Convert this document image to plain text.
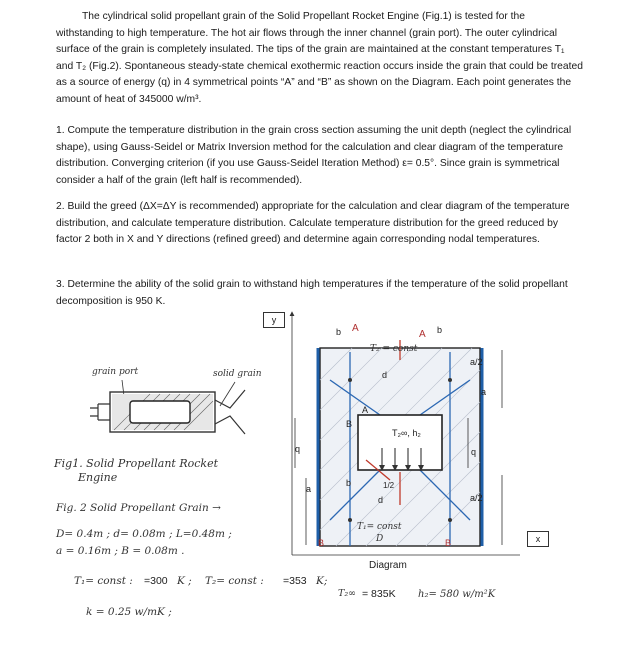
The cylindrical solid propellant grain of the Solid Propellant Rocket Engine (Fig.1) is tested for the withstanding to high temperature. The hot air flows through the inner channel (grain port). The outer cylindrical surface of the grain is completely insulated. The tips of the grain are maintained at the constant temperatures T₁ and T₂ (Fig.2). Spontaneous steady-state chemical exothermic reaction occurs inside the grain that could be treated as a source of energy (q) in 4 symmetrical points “A” and “B” as shown on the Diagram. Each point generates the amount of heat of 345000 w/m³.

1. Compute the temperature distribution in the grain cross section assuming the unit depth (neglect the cylindrical shape), using Gauss-Seidel or Matrix Inversion method for the calculation and clear diagram of the temperature distribution. Converging criterion (if you use Gauss-Seidel Iteration Method) ε= 0.5°. Since grain is symmetrical consider a half of the grain (left half is recommended).

2. Build the greed (ΔX=ΔY is recommended) appropriate for the calculation and clear diagram of the temperature distribution, and calculate temperature distribution. Calculate temperature distribution for the greed reduced by factor 2 both in X and Y directions (refined greed) and determine again corresponding nodal temperatures.

3. Determine the ability of the solid grain to withstand high temperatures if the temperature of the solid propellant decomposition is 950 K.

grain port	solid grain
Fig1. Solid Propellant Rocket
Engine
Fig. 2 Solid Propellant Grain →
D= 0.4m ; d= 0.08m ; L=0.48m ;
a = 0.16m ; B = 0.08m .
T₁= const : =300 K ; T₂= const : =353 K;
T₂∞ = 835K h₂= 580 w/m²K
k = 0.25 w/mK ;
y
x
b A
A b
T₂ = const
d
a/2
a
A
B
T₂∞, h₂
q	q
a
b	1/2
d	a/2
T₁= const
D
B	B
Diagram
